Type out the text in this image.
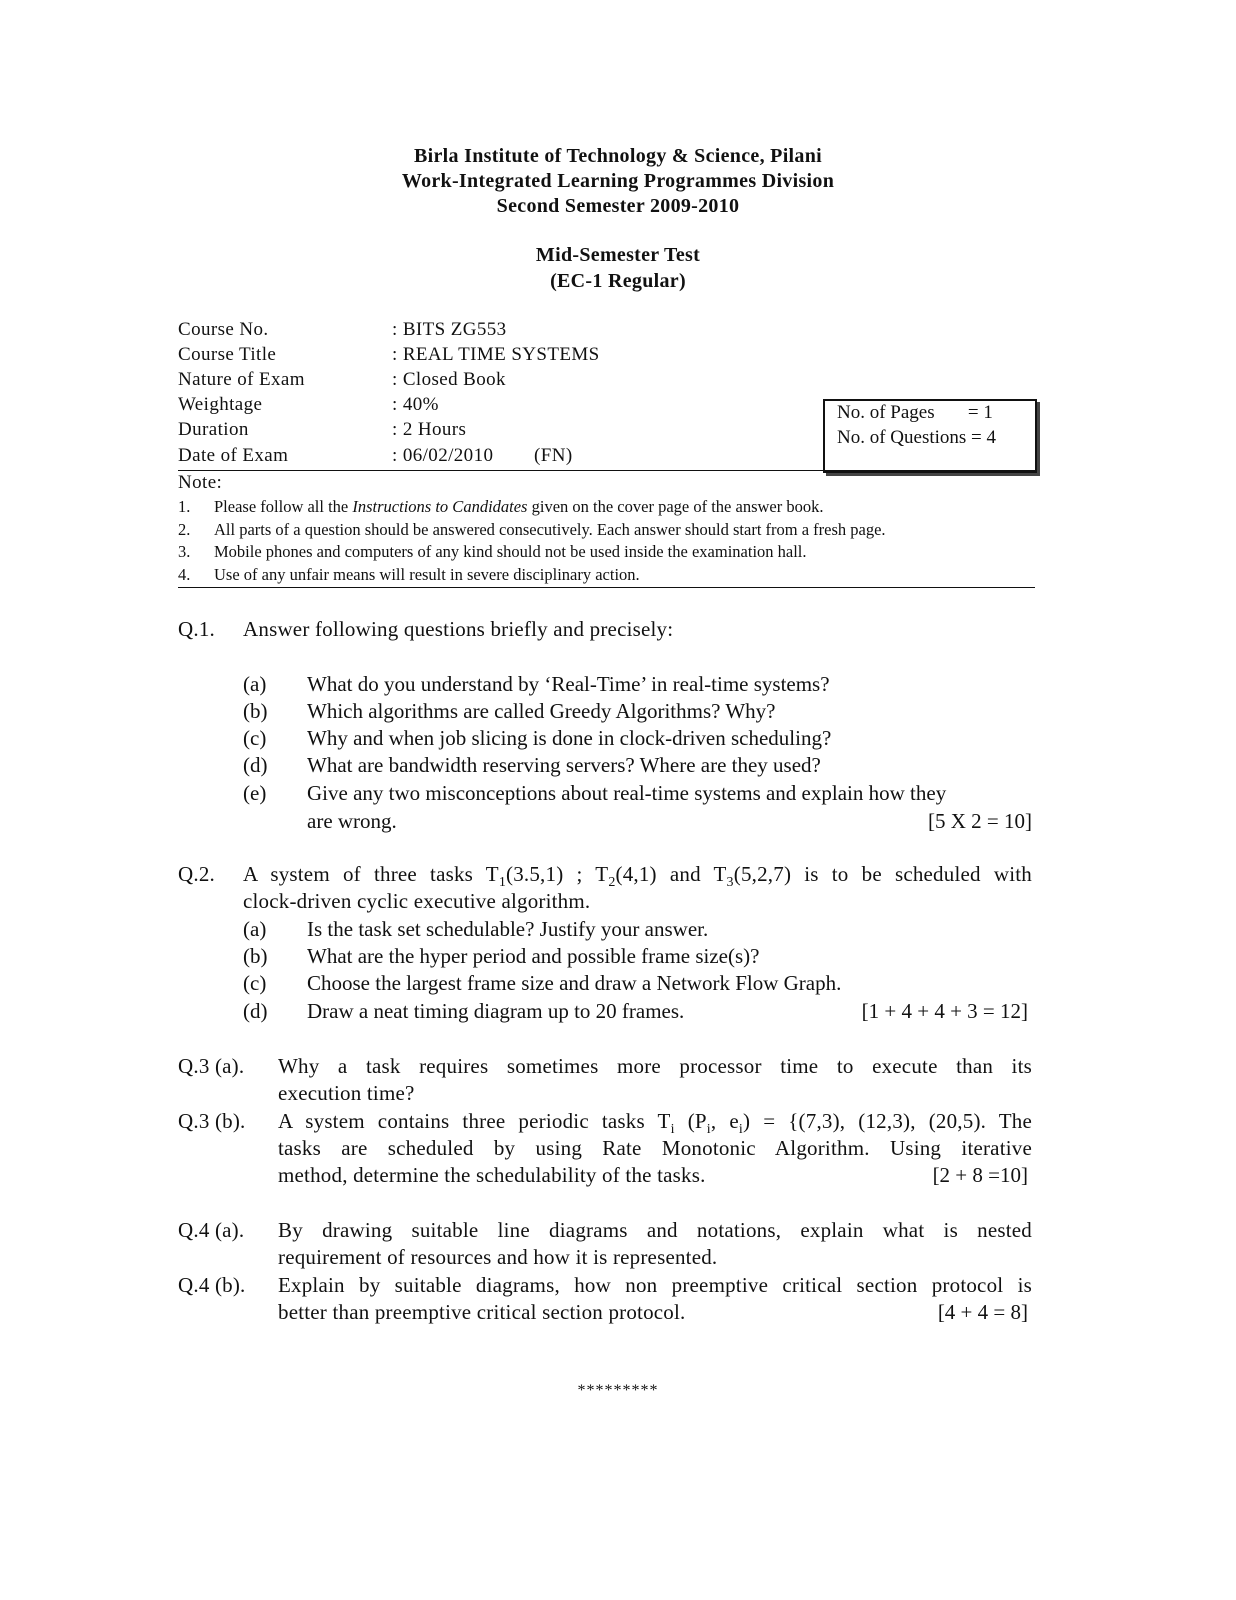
Birla Institute of Technology & Science, Pilani
Work-Integrated Learning Programmes Division
Second Semester 2009-2010
Mid-Semester Test
(EC-1 Regular)
Course No.	: BITS ZG553
Course Title	: REAL TIME SYSTEMS
Nature of Exam	: Closed Book
Weightage	: 40%
Duration	: 2 Hours
Date of Exam	: 06/02/2010 (FN)
No. of Pages       = 1
No. of Questions = 4
Note:
1. Please follow all the Instructions to Candidates given on the cover page of the answer book.
2. All parts of a question should be answered consecutively. Each answer should start from a fresh page.
3. Mobile phones and computers of any kind should not be used inside the examination hall.
4. Use of any unfair means will result in severe disciplinary action.
Q.1. Answer following questions briefly and precisely:
(a) What do you understand by ‘Real-Time’ in real-time systems?
(b) Which algorithms are called Greedy Algorithms? Why?
(c) Why and when job slicing is done in clock-driven scheduling?
(d) What are bandwidth reserving servers? Where are they used?
(e) Give any two misconceptions about real-time systems and explain how they
are wrong.	[5 X 2 = 10]
Q.2. A system of three tasks $T_1(3.5,1)$ ; $T_2(4,1)$ and $T_3(5,2,7)$ is to be scheduled with
clock-driven cyclic executive algorithm.
(a) Is the task set schedulable? Justify your answer.
(b) What are the hyper period and possible frame size(s)?
(c) Choose the largest frame size and draw a Network Flow Graph.
(d) Draw a neat timing diagram up to 20 frames.	[1 + 4 + 4 + 3 = 12]
Q.3 (a). Why a task requires sometimes more processor time to execute than its
execution time?
Q.3 (b). A system contains three periodic tasks $T_i$ ($P_i$, $e_i) = \{(7,3)$, (12,3), (20,5). The
tasks are scheduled by using Rate Monotonic Algorithm. Using iterative
method, determine the schedulability of the tasks.	[2 + 8 =10]
Q.4 (a). By drawing suitable line diagrams and notations, explain what is nested
requirement of resources and how it is represented.
Q.4 (b). Explain by suitable diagrams, how non preemptive critical section protocol is
better than preemptive critical section protocol.	[4 + 4 = 8]
*********
